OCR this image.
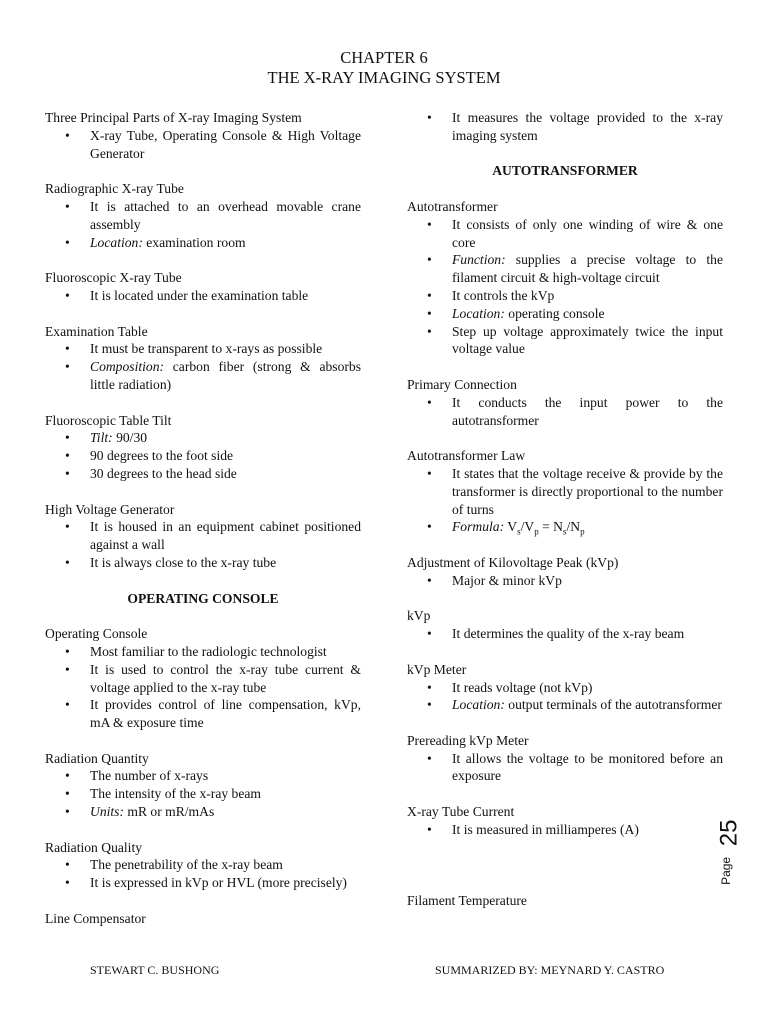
CHAPTER 6
THE X-RAY IMAGING SYSTEM

Three Principal Parts of X-ray Imaging System

• X-ray Tube, Operating Console & High Voltage Generator

Radiographic X-ray Tube

• It is attached to an overhead movable crane assembly
• Location: examination room

Fluoroscopic X-ray Tube

• It is located under the examination table

Examination Table

• It must be transparent to x-rays as possible
• Composition: carbon fiber (strong & absorbs little radiation)

Fluoroscopic Table Tilt

• Tilt: 90/30
• 90 degrees to the foot side
• 30 degrees to the head side

High Voltage Generator

• It is housed in an equipment cabinet positioned against a wall
• It is always close to the x-ray tube
OPERATING CONSOLE

Operating Console

• Most familiar to the radiologic technologist
• It is used to control the x-ray tube current & voltage applied to the x-ray tube
• It provides control of line compensation, kVp, mA & exposure time

Radiation Quantity

• The number of x-rays
• The intensity of the x-ray beam
• Units: mR or mR/mAs

Radiation Quality

• The penetrability of the x-ray beam
• It is expressed in kVp or HVL (more precisely)

Line Compensator

• It measures the voltage provided to the x-ray imaging system
AUTOTRANSFORMER

Autotransformer

• It consists of only one winding of wire & one core
• Function: supplies a precise voltage to the filament circuit & high-voltage circuit
• It controls the kVp
• Location: operating console
• Step up voltage approximately twice the input voltage value

Primary Connection

• It conducts the input power to the autotransformer

Autotransformer Law

• It states that the voltage receive & provide by the transformer is directly proportional to the number of turns
• Formula: $V_s/V_p = N_s/N_p$

Adjustment of Kilovoltage Peak (kVp)

• Major & minor kVp

kVp

• It determines the quality of the x-ray beam

kVp Meter

• It reads voltage (not kVp)
• Location: output terminals of the autotransformer

Prereading kVp Meter

• It allows the voltage to be monitored before an exposure

X-ray Tube Current

• It is measured in milliamperes (A)

Filament Temperature

25
Page
STEWART C. BUSHONG	SUMMARIZED BY: MEYNARD Y. CASTRO
